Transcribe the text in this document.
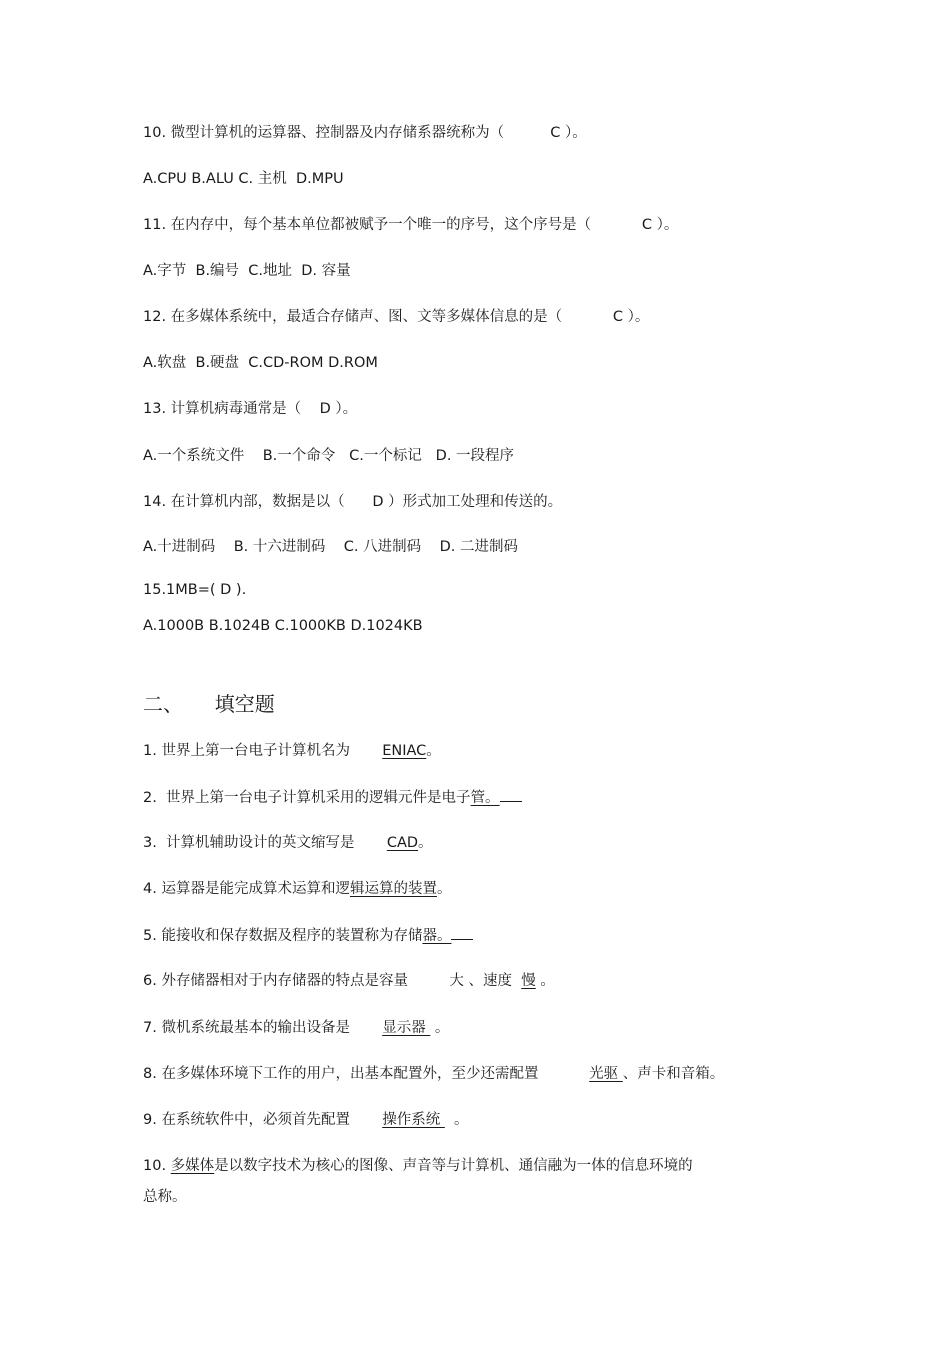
10. 微型计算机的运算器、控制器及内存储系器统称为（          C ）。
A.CPU B.ALU C. 主机  D.MPU
11. 在内存中，每个基本单位都被赋予一个唯一的序号，这个序号是（           C ）。
A.字节  B.编号  C.地址  D. 容量
12. 在多媒体系统中，最适合存储声、图、文等多媒体信息的是（           C ）。
A.软盘  B.硬盘  C.CD-ROM D.ROM
13. 计算机病毒通常是（    D ）。
A.一个系统文件    B.一个命令   C.一个标记   D. 一段程序
14. 在计算机内部，数据是以（      D ）形式加工处理和传送的。
A.十进制码    B. 十六进制码    C. 八进制码    D. 二进制码
15.1MB=( D ).
A.1000B B.1024B C.1000KB D.1024KB
二、     填空题
1. 世界上第一台电子计算机名为       ENIAC。
2.  世界上第一台电子计算机采用的逻辑元件是电子管。
3.  计算机辅助设计的英文缩写是       CAD。
4. 运算器是能完成算术运算和逻辑运算的装置。
5. 能接收和保存数据及程序的装置称为存储器。
6. 外存储器相对于内存储器的特点是容量         大 、速度  慢 。
7. 微机系统最基本的输出设备是       显示器  。
8. 在多媒体环境下工作的用户，出基本配置外，至少还需配置           光驱 、声卡和音箱。
9. 在系统软件中，必须首先配置       操作系统   。
10. 多媒体是以数字技术为核心的图像、声音等与计算机、通信融为一体的信息环境的
总称。
